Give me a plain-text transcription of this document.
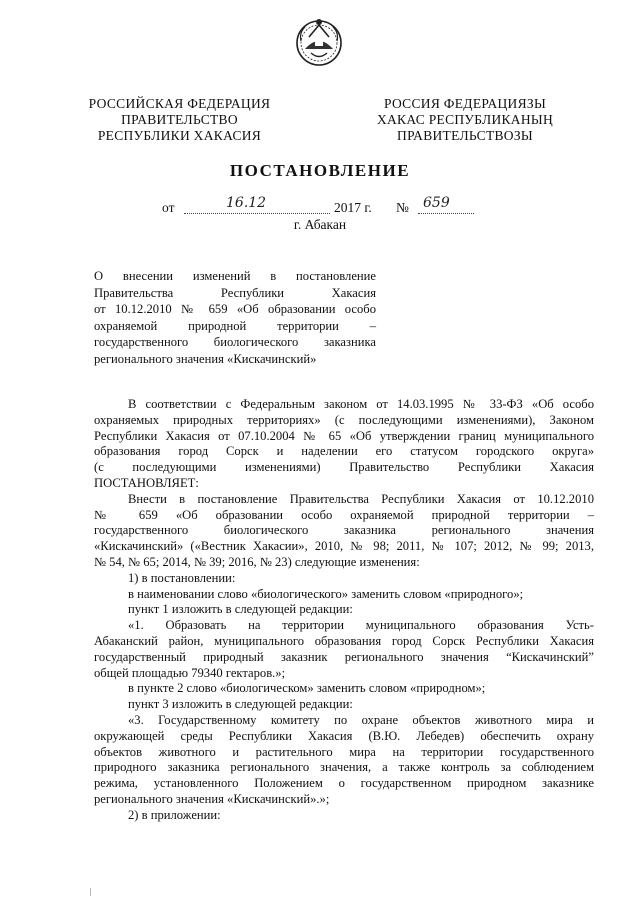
РОССИЙСКАЯ ФЕДЕРАЦИЯ
ПРАВИТЕЛЬСТВО
РЕСПУБЛИКИ ХАКАСИЯ
РОССИЯ ФЕДЕРАЦИЯЗЫ
ХАКАС РЕСПУБЛИКАНЫҢ
ПРАВИТЕЛЬСТВОЗЫ
ПОСТАНОВЛЕНИЕ
от	16.12	2017 г. № 659
г. Абакан
О внесении изменений в постановление
Правительства Республики Хакасия
от 10.12.2010 № 659 «Об образовании особо
охраняемой природной территории –
государственного биологического заказника
регионального значения «Кискачинский»

В соответствии с Федеральным законом от 14.03.1995 № 33-ФЗ «Об особо

охраняемых природных территориях» (с последующими изменениями), Законом

Республики Хакасия от 07.10.2004 № 65 «Об утверждении границ муниципального

образования город Сорск и наделении его статусом городского округа»

(с последующими изменениями) Правительство Республики Хакасия

ПОСТАНОВЛЯЕТ:

Внести в постановление Правительства Республики Хакасия от 10.12.2010

№ 659 «Об образовании особо охраняемой природной территории –

государственного биологического заказника регионального значения

«Кискачинский» («Вестник Хакасии», 2010, № 98; 2011, № 107; 2012, № 99; 2013,

№ 54, № 65; 2014, № 39; 2016, № 23) следующие изменения:

1) в постановлении:

в наименовании слово «биологического» заменить словом «природного»;

пункт 1 изложить в следующей редакции:

«1. Образовать на территории муниципального образования Усть-

Абаканский район, муниципального образования город Сорск Республики Хакасия

государственный природный заказник регионального значения “Кискачинский”

общей площадью 79340 гектаров.»;

в пункте 2 слово «биологическом» заменить словом «природном»;

пункт 3 изложить в следующей редакции:

«3. Государственному комитету по охране объектов животного мира и

окружающей среды Республики Хакасия (В.Ю. Лебедев) обеспечить охрану

объектов животного и растительного мира на территории государственного

природного заказника регионального значения, а также контроль за соблюдением

режима, установленного Положением о государственном природном заказнике

регионального значения «Кискачинский».»;

2) в приложении:
